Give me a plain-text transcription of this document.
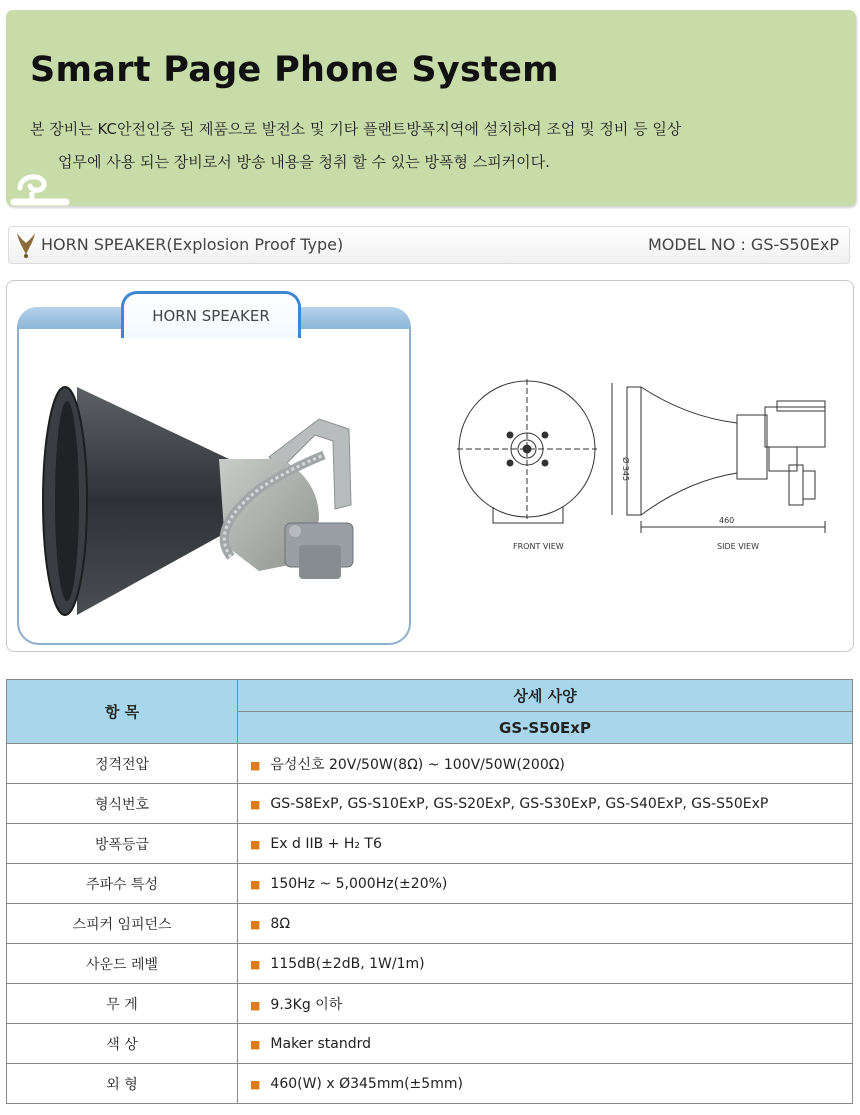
Smart Page Phone System
본 장비는 KC안전인증 된 제품으로 발전소 및 기타 플랜트방폭지역에 설치하여 조업 및 정비 등 일상
업무에 사용 되는 장비로서 방송 내용을 청취 할 수 있는 방폭형 스피커이다.
HORN SPEAKER(Explosion Proof Type)	MODEL NO : GS-S50ExP
HORN SPEAKER
FRONT VIEW
Ø 345
460
SIDE VIEW
항 목	상세 사양
	GS-S50ExP
정격전압	■ 음성신호 20V/50W(8Ω) ~ 100V/50W(200Ω)
형식번호	■ GS-S8ExP, GS-S10ExP, GS-S20ExP, GS-S30ExP, GS-S40ExP, GS-S50ExP
방폭등급	■ Ex d IIB + H₂ T6
주파수 특성	■ 150Hz ~ 5,000Hz(±20%)
스피커 임피던스	■ 8Ω
사운드 레벨	■ 115dB(±2dB, 1W/1m)
무 게	■ 9.3Kg 이하
색 상	■ Maker standrd
외 형	■ 460(W) x Ø345mm(±5mm)
